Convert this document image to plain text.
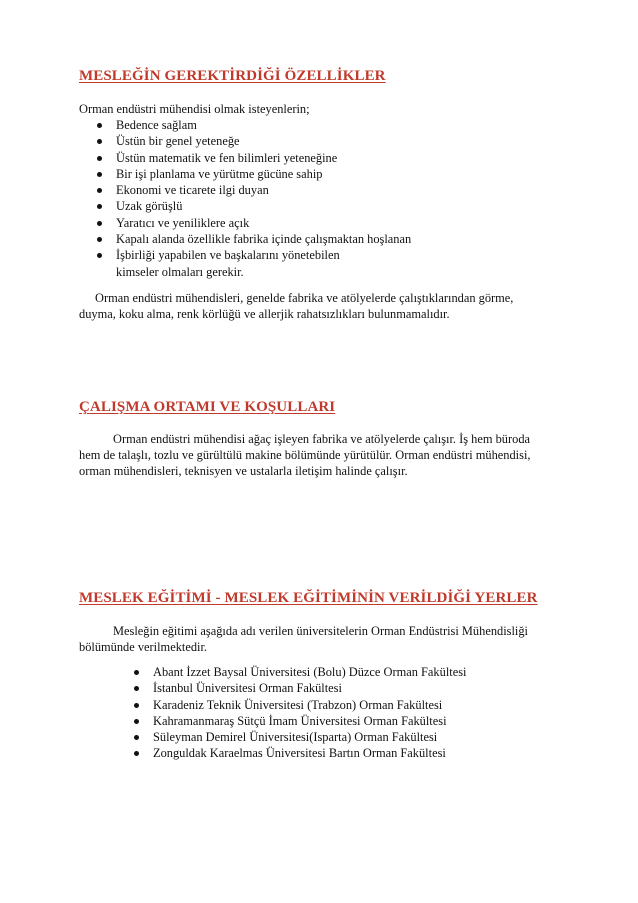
MESLEĞİN GEREKTİRDİĞİ ÖZELLİKLER
Orman endüstri mühendisi olmak isteyenlerin;
Bedence sağlam
Üstün bir genel yeteneğe
Üstün matematik ve fen bilimleri yeteneğine
Bir işi planlama ve yürütme gücüne sahip
Ekonomi ve ticarete ilgi duyan
Uzak görüşlü
Yaratıcı ve yeniliklere açık
Kapalı alanda özellikle fabrika içinde çalışmaktan hoşlanan
İşbirliği yapabilen ve başkalarını yönetebilen
kimseler olmaları gerekir.
Orman endüstri mühendisleri, genelde fabrika ve atölyelerde çalıştıklarından görme,
duyma, koku alma, renk körlüğü ve allerjik rahatsızlıkları bulunmamalıdır.
ÇALIŞMA ORTAMI VE KOŞULLARI
Orman endüstri mühendisi ağaç işleyen fabrika ve atölyelerde çalışır. İş hem büroda
hem de talaşlı, tozlu ve gürültülü makine bölümünde yürütülür. Orman endüstri mühendisi,
orman mühendisleri, teknisyen ve ustalarla iletişim halinde çalışır.
MESLEK EĞİTİMİ - MESLEK EĞİTİMİNİN VERİLDİĞİ YERLER
Mesleğin eğitimi aşağıda adı verilen üniversitelerin Orman Endüstrisi Mühendisliği
bölümünde verilmektedir.
Abant İzzet Baysal Üniversitesi (Bolu) Düzce Orman Fakültesi
İstanbul Üniversitesi Orman Fakültesi
Karadeniz Teknik Üniversitesi (Trabzon) Orman Fakültesi
Kahramanmaraş Sütçü İmam Üniversitesi Orman Fakültesi
Süleyman Demirel Üniversitesi(Isparta) Orman Fakültesi
Zonguldak Karaelmas Üniversitesi Bartın Orman Fakültesi
